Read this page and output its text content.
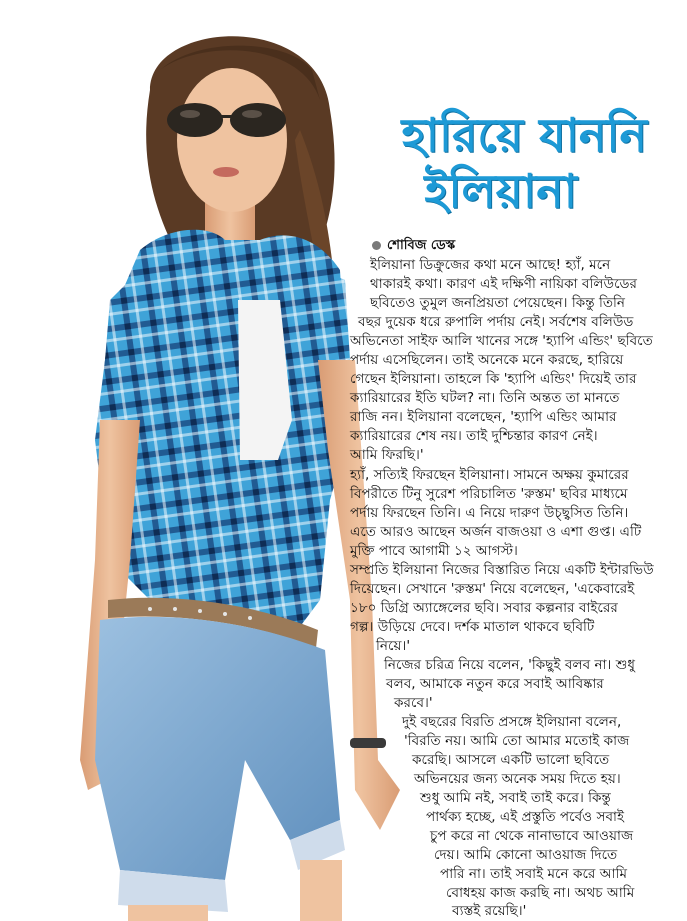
হারিয়ে যাননি
ইলিয়ানা
শোবিজ ডেস্ক
ইলিয়ানা ডিক্রুজের কথা মনে আছে! হ্যাঁ, মনে
থাকারই কথা। কারণ এই দক্ষিণী নায়িকা বলিউডের
ছবিতেও তুমুল জনপ্রিয়তা পেয়েছেন। কিন্তু তিনি
বছর দুয়েক ধরে রুপালি পর্দায় নেই। সর্বশেষ বলিউড
অভিনেতা সাইফ আলি খানের সঙ্গে 'হ্যাপি এন্ডিং' ছবিতে
পর্দায় এসেছিলেন। তাই অনেকে মনে করছে, হারিয়ে
গেছেন ইলিয়ানা। তাহলে কি 'হ্যাপি এন্ডিং' দিয়েই তার
ক্যারিয়ারের ইতি ঘটল? না। তিনি অন্তত তা মানতে
রাজি নন। ইলিয়ানা বলেছেন, 'হ্যাপি এন্ডিং আমার
ক্যারিয়ারের শেষ নয়। তাই দুশ্চিন্তার কারণ নেই।
আমি ফিরছি।'
হ্যাঁ, সত্যিই ফিরছেন ইলিয়ানা। সামনে অক্ষয় কুমারের
বিপরীতে টিনু সুরেশ পরিচালিত 'রুস্তম' ছবির মাধ্যমে
পর্দায় ফিরছেন তিনি। এ নিয়ে দারুণ উচ্ছ্বসিত তিনি।
এতে আরও আছেন অর্জন বাজওয়া ও এশা গুপ্ত। এটি
মুক্তি পাবে আগামী ১২ আগস্ট।
সম্প্রতি ইলিয়ানা নিজের বিস্তারিত নিয়ে একটি ইন্টারভিউ
দিয়েছেন। সেখানে 'রুস্তম' নিয়ে বলেছেন, 'একেবারেই
১৮০ ডিগ্রি অ্যাঙ্গেলের ছবি। সবার কল্পনার বাইরের
গল্প। উড়িয়ে দেবে। দর্শক মাতাল থাকবে ছবিটি
নিয়ে।'
নিজের চরিত্র নিয়ে বলেন, 'কিছুই বলব না। শুধু
বলব, আমাকে নতুন করে সবাই আবিষ্কার
করবে।'
দুই বছরের বিরতি প্রসঙ্গে ইলিয়ানা বলেন,
'বিরতি নয়। আমি তো আমার মতোই কাজ
করেছি। আসলে একটি ভালো ছবিতে
অভিনয়ের জন্য অনেক সময় দিতে হয়।
শুধু আমি নই, সবাই তাই করে। কিন্তু
পার্থক্য হচ্ছে, এই প্রস্তুতি পর্বেও সবাই
চুপ করে না থেকে নানাভাবে আওয়াজ
দেয়। আমি কোনো আওয়াজ দিতে
পারি না। তাই সবাই মনে করে আমি
বোধহয় কাজ করছি না। অথচ আমি
ব্যস্তই রয়েছি।'
